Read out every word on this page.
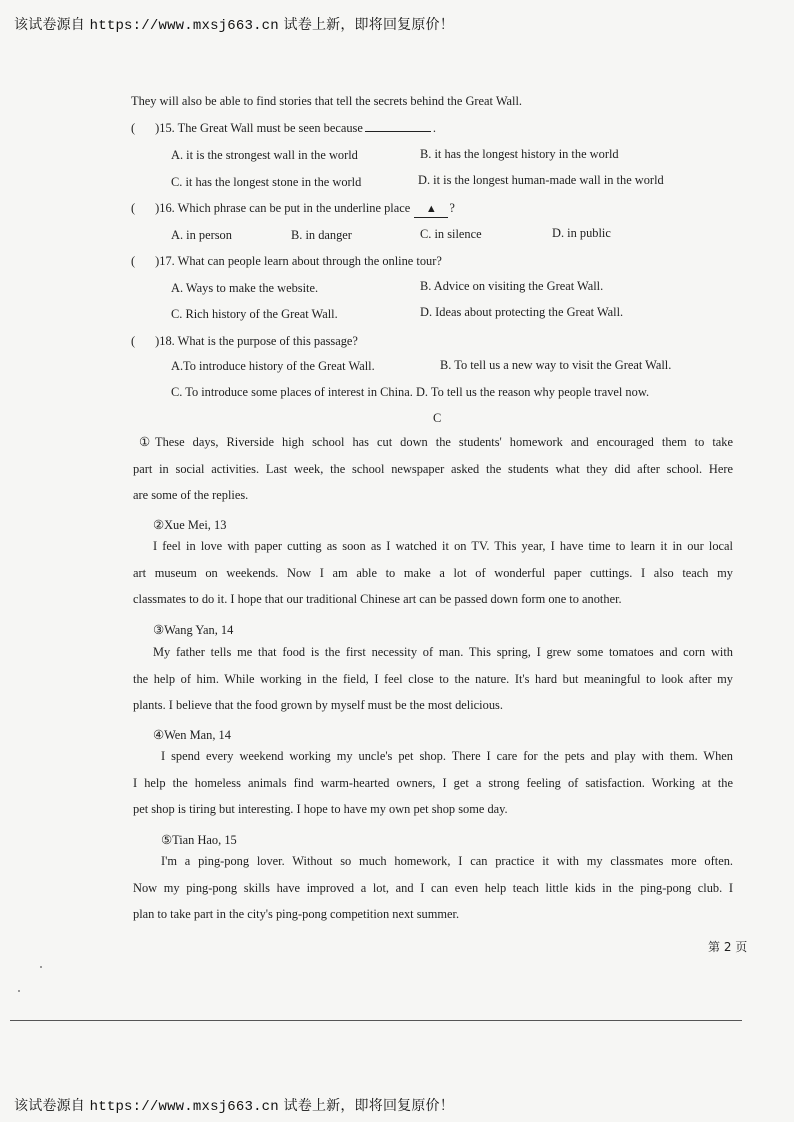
该试卷源自 https://www.mxsj663.cn 试卷上新，即将回复原价！
They will also be able to find stories that tell the secrets behind the Great Wall.
( )15. The Great Wall must be seen because	.
A. it is the strongest wall in the world	B. it has the longest history in the world
C. it has the longest stone in the world	D. it is the longest human-made wall in the world
( )16. Which phrase can be put in the underline place ▲ ?
A. in person	B. in danger	C. in silence	D. in public
( )17. What can people learn about through the online tour?
A. Ways to make the website.	B. Advice on visiting the Great Wall.
C. Rich history of the Great Wall.	D. Ideas about protecting the Great Wall.
( )18. What is the purpose of this passage?
A.To introduce history of the Great Wall.	B. To tell us a new way to visit the Great Wall.
C. To introduce some places of interest in China. D. To tell us the reason why people travel now.
C
①These days, Riverside high school has cut down the students' homework and encouraged them to take
part in social activities. Last week, the school newspaper asked the students what they did after school. Here
are some of the replies.
②Xue Mei, 13
I feel in love with paper cutting as soon as I watched it on TV. This year, I have time to learn it in our local
art museum on weekends. Now I am able to make a lot of wonderful paper cuttings. I also teach my
classmates to do it. I hope that our traditional Chinese art can be passed down form one to another.
③Wang Yan, 14
My father tells me that food is the first necessity of man. This spring, I grew some tomatoes and corn with
the help of him. While working in the field, I feel close to the nature. It's hard but meaningful to look after my
plants. I believe that the food grown by myself must be the most delicious.
④Wen Man, 14
I spend every weekend working my uncle's pet shop. There I care for the pets and play with them. When
I help the homeless animals find warm-hearted owners, I get a strong feeling of satisfaction. Working at the
pet shop is tiring but interesting. I hope to have my own pet shop some day.
⑤Tian Hao, 15
I'm a ping-pong lover. Without so much homework, I can practice it with my classmates more often.
Now my ping-pong skills have improved a lot, and I can even help teach little kids in the ping-pong club. I
plan to take part in the city's ping-pong competition next summer.
第 2 页
该试卷源自 https://www.mxsj663.cn 试卷上新，即将回复原价！
